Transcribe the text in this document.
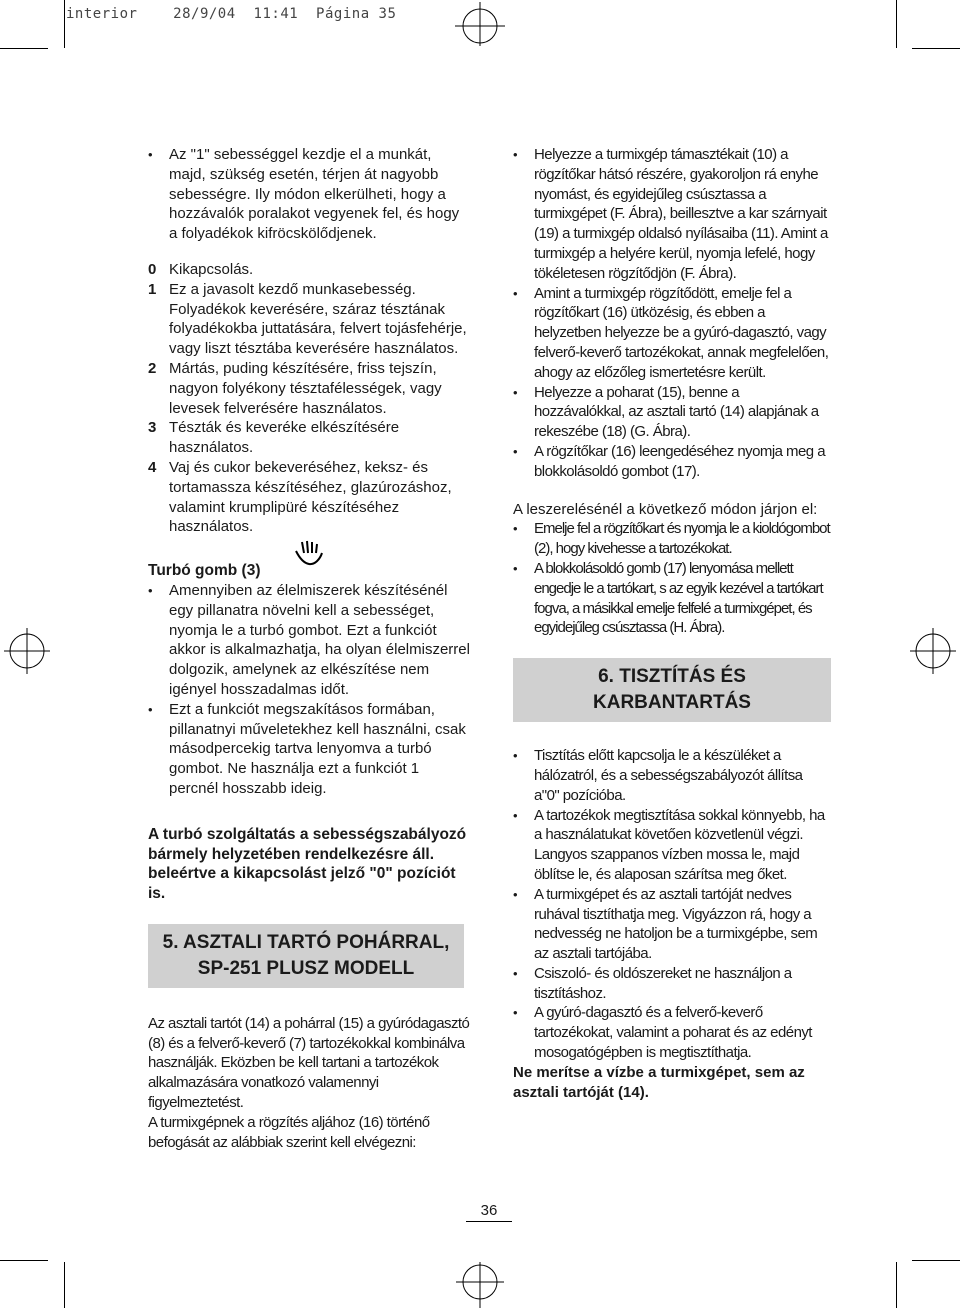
interior	28/9/04 11:41 Página 35

• Az "1" sebességgel kezdje el a munkát, majd, szükség esetén, térjen át nagyobb sebességre. Ily módon elkerülheti, hogy a hozzávalók poralakot vegyenek fel, és hogy a folyadékok kifröcskölődjenek.

0 Kikapcsolás.
1 Ez a javasolt kezdő munkasebesség. Folyadékok keverésére, száraz tésztának folyadékokba juttatására, felvert tojásfehérje, vagy liszt tésztába keverésére használatos.
2 Mártás, puding készítésére, friss tejszín, nagyon folyékony tésztafélességek, vagy levesek felverésére használatos.
3 Tészták és keveréke elkészítésére használatos.
4 Vaj és cukor bekeveréséhez, keksz- és tortamassza készítéséhez, glazúrozáshoz, valamint krumplipüré készítéséhez használatos.
Turbó gomb (3)

• Amennyiben az élelmiszerek készítésénél egy pillanatra növelni kell a sebességet, nyomja le a turbó gombot. Ezt a funkciót akkor is alkalmazhatja, ha olyan élelmiszerrel dolgozik, amelynek az elkészítése nem igényel hosszadalmas időt.

• Ezt a funkciót megszakításos formában, pillanatnyi műveletekhez kell használni, csak másodpercekig tartva lenyomva a turbó gombot. Ne használja ezt a funkciót 1 percnél hosszabb ideig.

A turbó szolgáltatás a sebességszabályozó bármely helyzetében rendelkezésre áll. beleértve a kikapcsolást jelző "0" pozíciót is.
5. ASZTALI TARTÓ POHÁRRAL, SP-251 PLUSZ MODELL
Az asztali tartót (14) a pohárral (15) a gyúródagasztó (8) és a felverő-keverő (7) tartozékokkal kombinálva használják. Eközben be kell tartani a tartozékok alkalmazására vonatkozó valamennyi figyelmeztetést.
A turmixgépnek a rögzítés aljához (16) történő befogását az alábbiak szerint kell elvégezni:

• Helyezze a turmixgép támasztékait (10) a rögzítőkar hátsó részére, gyakoroljon rá enyhe nyomást, és egyidejűleg csúsztassa a turmixgépet (F. Ábra), beillesztve a kar szárnyait (19) a turmixgép oldalsó nyílásaiba (11). Amint a turmixgép a helyére kerül, nyomja lefelé, hogy tökéletesen rögzítődjön (F. Ábra).

• Amint a turmixgép rögzítődött, emelje fel a rögzítőkart (16) ütközésig, és ebben a helyzetben helyezze be a gyúró-dagasztó, vagy felverő-keverő tartozékokat, annak megfelelően, ahogy az előzőleg ismertetésre került.

• Helyezze a poharat (15), benne a hozzávalókkal, az asztali tartó (14) alapjának a rekeszébe (18) (G. Ábra).

• A rögzítőkar (16) leengedéséhez nyomja meg a blokkolásoldó gombot (17).

A leszerelésénél a következő módon járjon el:

• Emelje fel a rögzítőkart és nyomja le a kioldógombot (2), hogy kivehesse a tartozékokat.

• A blokkolásoldó gomb (17) lenyomása mellett engedje le a tartókart, s az egyik kezével a tartókart fogva, a másikkal emelje felfelé a turmixgépet, és egyidejűleg csúsztassa (H. Ábra).

6. TISZTÍTÁS ÉS KARBANTARTÁS

• Tisztítás előtt kapcsolja le a készüléket a hálózatról, és a sebességszabályozót állítsa a"0" pozícióba.

• A tartozékok megtisztítása sokkal könnyebb, ha a használatukat követően közvetlenül végzi. Langyos szappanos vízben mossa le, majd öblítse le, és alaposan szárítsa meg őket.

• A turmixgépet és az asztali tartóját nedves ruhával tisztíthatja meg. Vigyázzon rá, hogy a nedvesség ne hatoljon be a turmixgépbe, sem az asztali tartójába.

• Csiszoló- és oldószereket ne használjon a tisztításhoz.

• A gyúró-dagasztó és a felverő-keverő tartozékokat, valamint a poharat és az edényt mosogatógépben is megtisztíthatja.

Ne merítse a vízbe a turmixgépet, sem az asztali tartóját (14).
36
